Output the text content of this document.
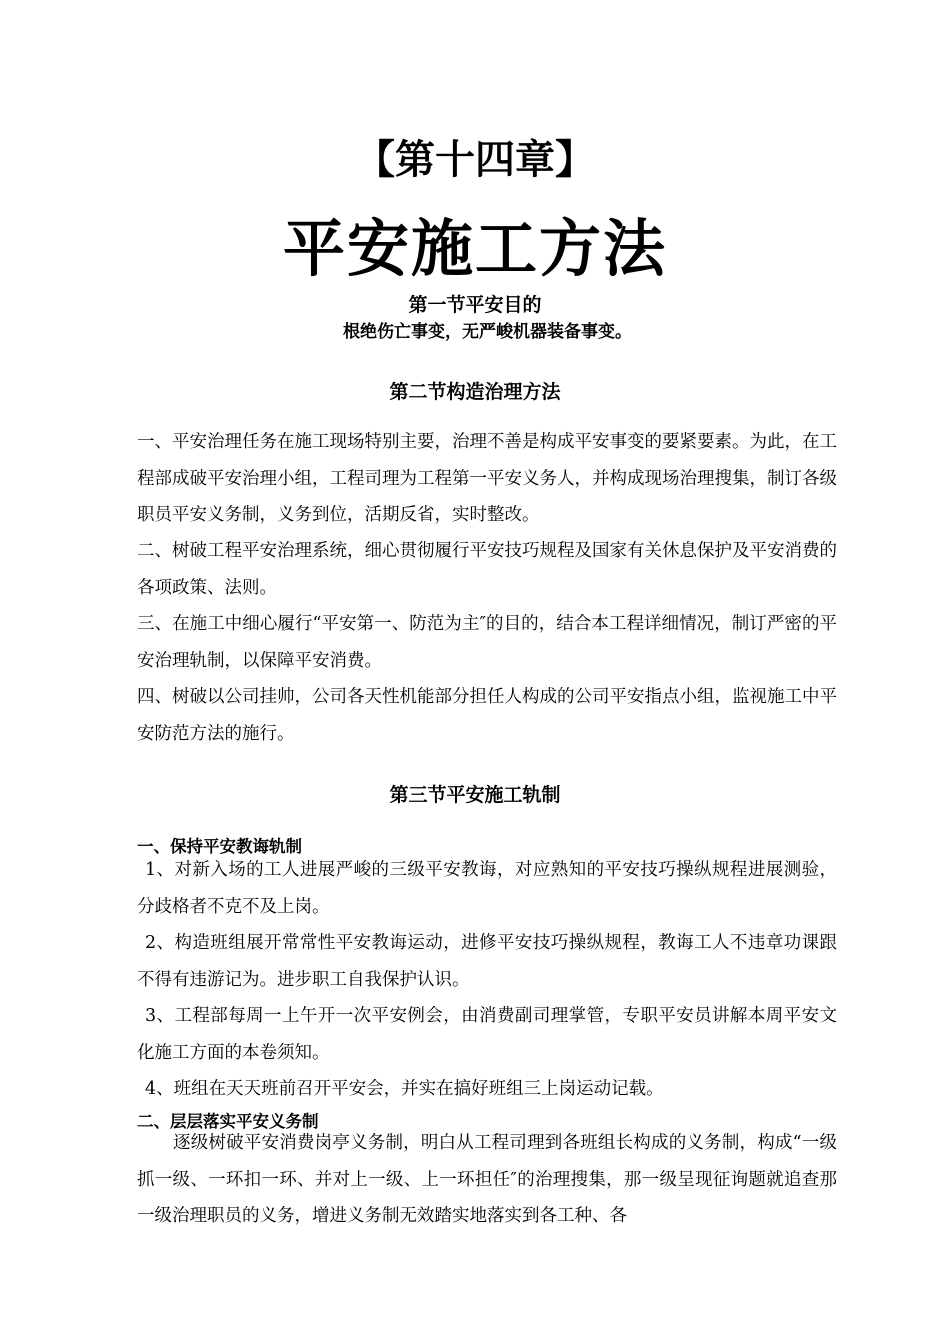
【第十四章】
平安施工方法
第一节平安目的
根绝伤亡事变，无严峻机器装备事变。
第二节构造治理方法

一、平安治理任务在施工现场特别主要，治理不善是构成平安事变的要紧要素。为此，在工程部成破平安治理小组，工程司理为工程第一平安义务人，并构成现场治理搜集，制订各级职员平安义务制，义务到位，活期反省，实时整改。

二、树破工程平安治理系统，细心贯彻履行平安技巧规程及国家有关休息保护及平安消费的各项政策、法则。

三、在施工中细心履行“平安第一、防范为主″的目的，结合本工程详细情况，制订严密的平安治理轨制，以保障平安消费。

四、树破以公司挂帅，公司各天性机能部分担任人构成的公司平安指点小组，监视施工中平安防范方法的施行。

第三节平安施工轨制
一、保持平安教诲轨制

1、对新入场的工人进展严峻的三级平安教诲，对应熟知的平安技巧操纵规程进展测验，分歧格者不克不及上岗。

2、构造班组展开常常性平安教诲运动，进修平安技巧操纵规程，教诲工人不违章功课跟不得有违游记为。进步职工自我保护认识。

3、工程部每周一上午开一次平安例会，由消费副司理掌管，专职平安员讲解本周平安文化施工方面的本卷须知。

4、班组在天天班前召开平安会，并实在搞好班组三上岗运动记载。

二、层层落实平安义务制

逐级树破平安消费岗亭义务制，明白从工程司理到各班组长构成的义务制，构成“一级抓一级、一环扣一环、并对上一级、上一环担任″的治理搜集，那一级呈现征询题就追查那一级治理职员的义务，增进义务制无效踏实地落实到各工种、各
